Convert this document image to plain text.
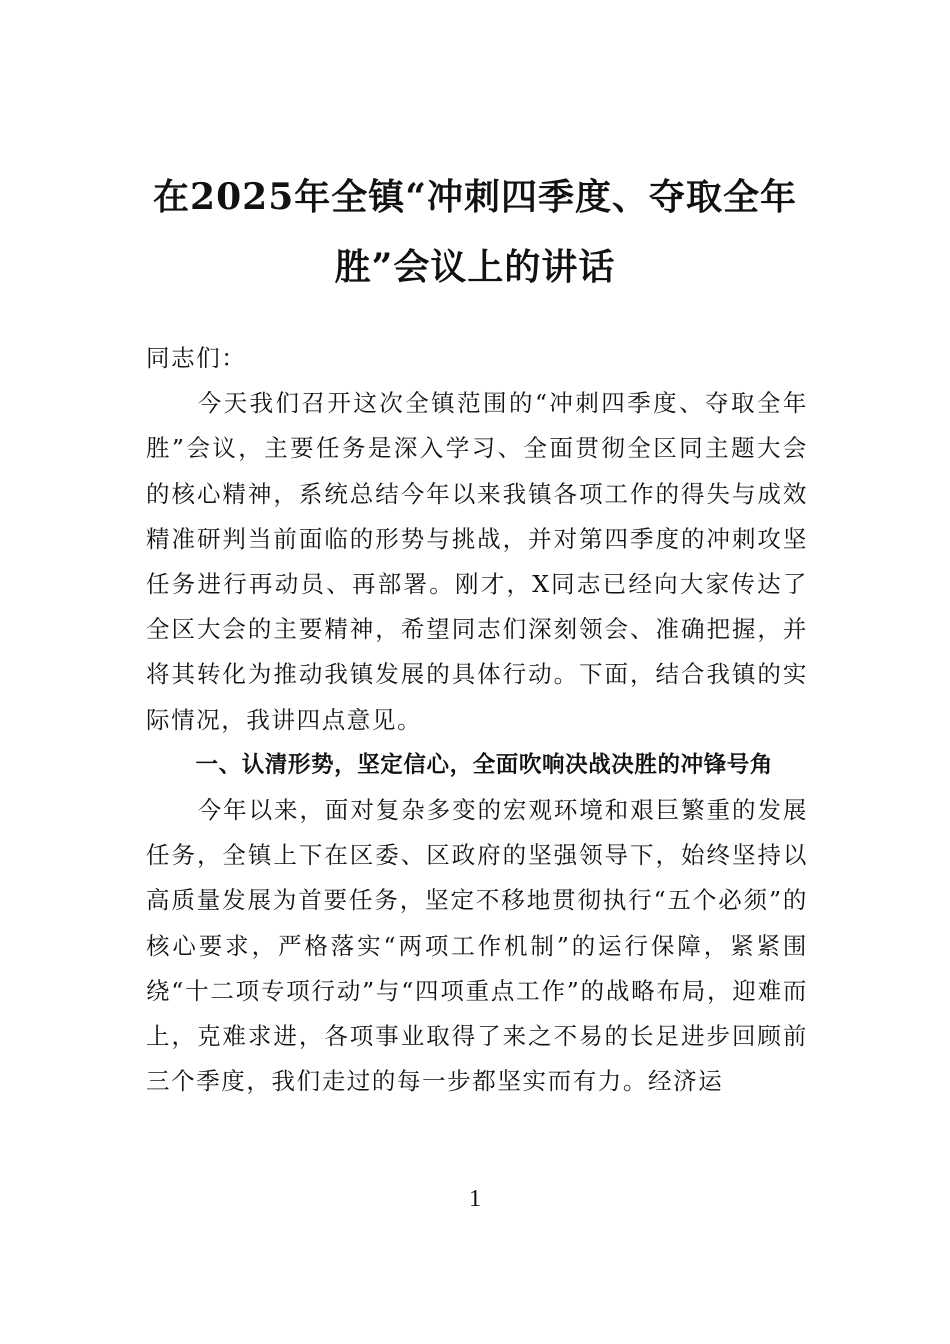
在2025年全镇“冲刺四季度、夺取全年
胜”会议上的讲话

同志们：

今天我们召开这次全镇范围的“冲刺四季度、夺取全年胜”会议，主要任务是深入学习、全面贯彻全区同主题大会的核心精神，系统总结今年以来我镇各项工作的得失与成效精准研判当前面临的形势与挑战，并对第四季度的冲刺攻坚任务进行再动员、再部署。刚才，X同志已经向大家传达了全区大会的主要精神，希望同志们深刻领会、准确把握，并将其转化为推动我镇发展的具体行动。下面，结合我镇的实际情况，我讲四点意见。

一、认清形势，坚定信心，全面吹响决战决胜的冲锋号角

今年以来，面对复杂多变的宏观环境和艰巨繁重的发展任务，全镇上下在区委、区政府的坚强领导下，始终坚持以高质量发展为首要任务，坚定不移地贯彻执行“五个必须”的核心要求，严格落实“两项工作机制”的运行保障，紧紧围绕“十二项专项行动”与“四项重点工作”的战略布局，迎难而上，克难求进，各项事业取得了来之不易的长足进步回顾前三个季度，我们走过的每一步都坚实而有力。经济运

1
